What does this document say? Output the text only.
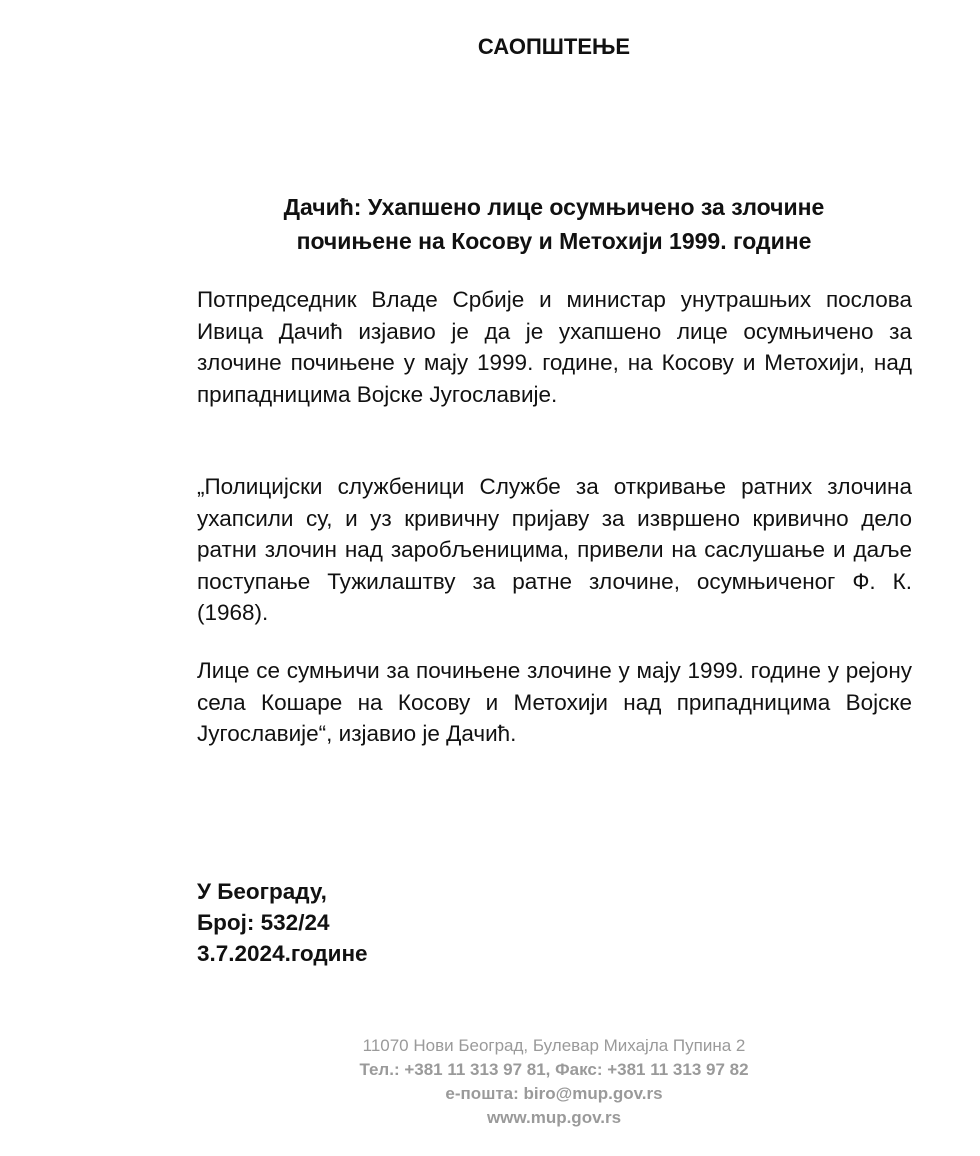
САОПШТЕЊЕ
Дачић: Ухапшено лице осумњичено за злочине
почињене на Косову и Метохији 1999. године

Потпредседник Владе Србије и министар унутрашњих послова Ивица Дачић изјавио је да је ухапшено лице осумњичено за злочине почињене у мају 1999. године, на Косову и Метохији, над припадницима Војске Југославије.

„Полицијски службеници Службе за откривање ратних злочина ухапсили су, и уз кривичну пријаву за извршено кривично дело ратни злочин над заробљеницима, привели на саслушање и даље поступање Тужилаштву за ратне злочине, осумњиченог Ф. К. (1968).

Лице се сумњичи за почињене злочине у мају 1999. године у рејону села Кошаре на Косову и Метохији над припадницима Војске Југославије“, изјавио је Дачић.

У Београду,
Број: 532/24
3.7.2024.године
11070 Нови Београд, Булевар Михајла Пупина 2
Тел.: +381 11 313 97 81, Факс: +381 11 313 97 82
е-пошта: biro@mup.gov.rs
www.mup.gov.rs
